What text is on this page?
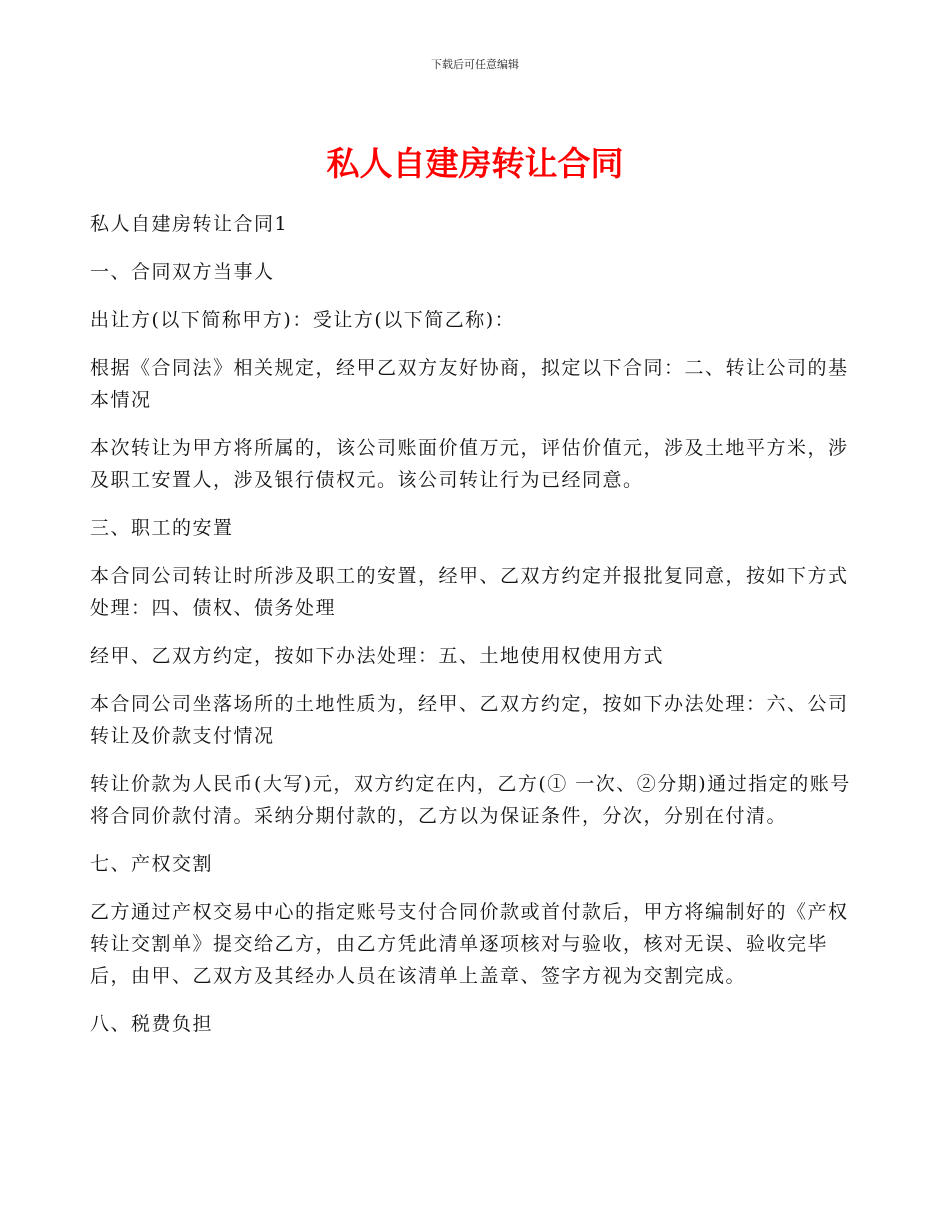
下载后可任意编辑
私人自建房转让合同

私人自建房转让合同1

一、合同双方当事人

出让方(以下简称甲方)：受让方(以下简乙称)：

根据《合同法》相关规定，经甲乙双方友好协商，拟定以下合同：二、转让公司的基本情况

本次转让为甲方将所属的，该公司账面价值万元，评估价值元，涉及土地平方米，涉及职工安置人，涉及银行债权元。该公司转让行为已经同意。

三、职工的安置

本合同公司转让时所涉及职工的安置，经甲、乙双方约定并报批复同意，按如下方式处理：四、债权、债务处理

经甲、乙双方约定，按如下办法处理：五、土地使用权使用方式

本合同公司坐落场所的土地性质为，经甲、乙双方约定，按如下办法处理：六、公司转让及价款支付情况

转让价款为人民币(大写)元，双方约定在内，乙方(① 一次、②分期)通过指定的账号将合同价款付清。采纳分期付款的，乙方以为保证条件，分次，分别在付清。

七、产权交割

乙方通过产权交易中心的指定账号支付合同价款或首付款后，甲方将编制好的《产权转让交割单》提交给乙方，由乙方凭此清单逐项核对与验收，核对无误、验收完毕后，由甲、乙双方及其经办人员在该清单上盖章、签字方视为交割完成。

八、税费负担
